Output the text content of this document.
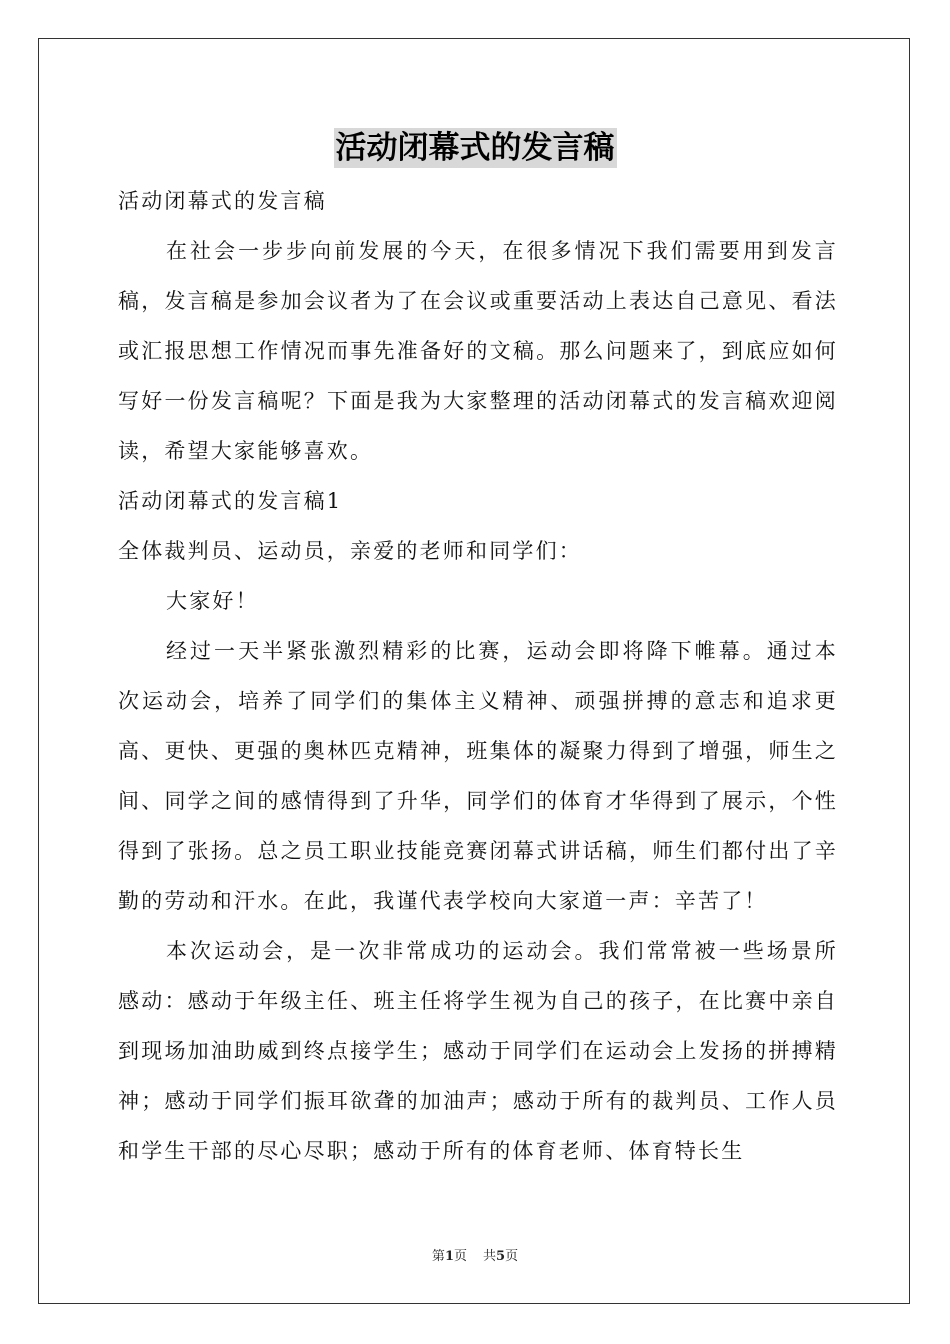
活动闭幕式的发言稿
活动闭幕式的发言稿

在社会一步步向前发展的今天，在很多情况下我们需要用到发言稿，发言稿是参加会议者为了在会议或重要活动上表达自己意见、看法或汇报思想工作情况而事先准备好的文稿。那么问题来了，到底应如何写好一份发言稿呢？下面是我为大家整理的活动闭幕式的发言稿欢迎阅读，希望大家能够喜欢。

活动闭幕式的发言稿1
全体裁判员、运动员，亲爱的老师和同学们：

大家好！

经过一天半紧张激烈精彩的比赛，运动会即将降下帷幕。通过本次运动会，培养了同学们的集体主义精神、顽强拼搏的意志和追求更高、更快、更强的奥林匹克精神，班集体的凝聚力得到了增强，师生之间、同学之间的感情得到了升华，同学们的体育才华得到了展示，个性得到了张扬。总之员工职业技能竞赛闭幕式讲话稿，师生们都付出了辛勤的劳动和汗水。在此，我谨代表学校向大家道一声：辛苦了！

本次运动会，是一次非常成功的运动会。我们常常被一些场景所感动：感动于年级主任、班主任将学生视为自己的孩子，在比赛中亲自到现场加油助威到终点接学生；感动于同学们在运动会上发扬的拼搏精神；感动于同学们振耳欲聋的加油声；感动于所有的裁判员、工作人员和学生干部的尽心尽职；感动于所有的体育老师、体育特长生

第1页 共5页
